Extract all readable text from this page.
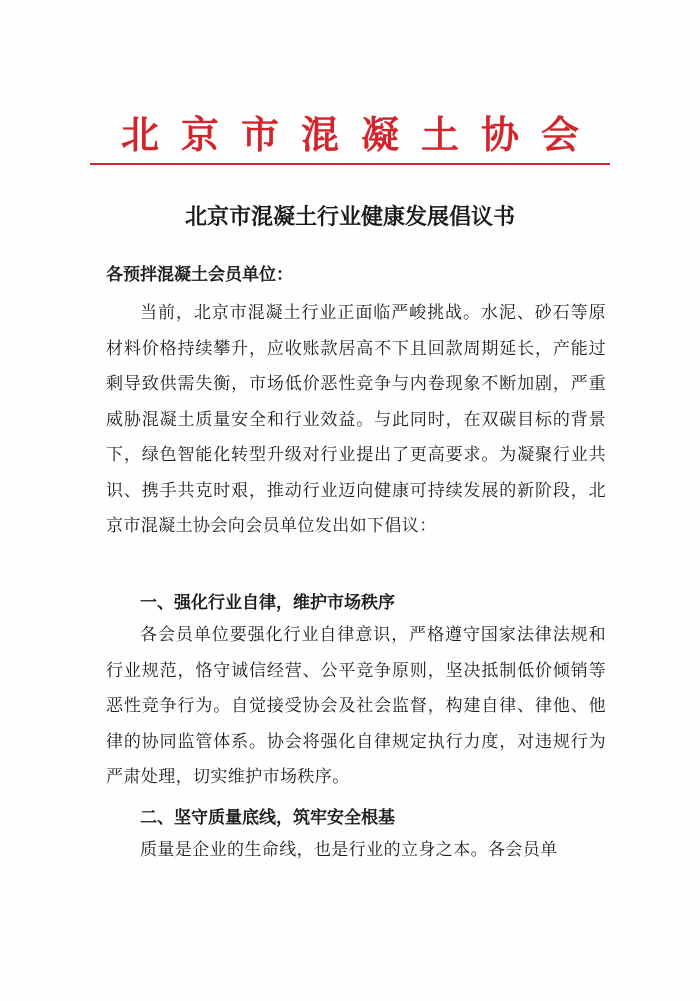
北京市混凝土协会
北京市混凝土行业健康发展倡议书
各预拌混凝土会员单位：
当前，北京市混凝土行业正面临严峻挑战。水泥、砂石等原材料价格持续攀升，应收账款居高不下且回款周期延长，产能过剩导致供需失衡，市场低价恶性竞争与内卷现象不断加剧，严重威胁混凝土质量安全和行业效益。与此同时，在双碳目标的背景下，绿色智能化转型升级对行业提出了更高要求。为凝聚行业共识、携手共克时艰，推动行业迈向健康可持续发展的新阶段，北京市混凝土协会向会员单位发出如下倡议：
一、强化行业自律，维护市场秩序
各会员单位要强化行业自律意识，严格遵守国家法律法规和行业规范，恪守诚信经营、公平竞争原则，坚决抵制低价倾销等恶性竞争行为。自觉接受协会及社会监督，构建自律、律他、他律的协同监管体系。协会将强化自律规定执行力度，对违规行为严肃处理，切实维护市场秩序。
二、坚守质量底线，筑牢安全根基
质量是企业的生命线，也是行业的立身之本。各会员单
